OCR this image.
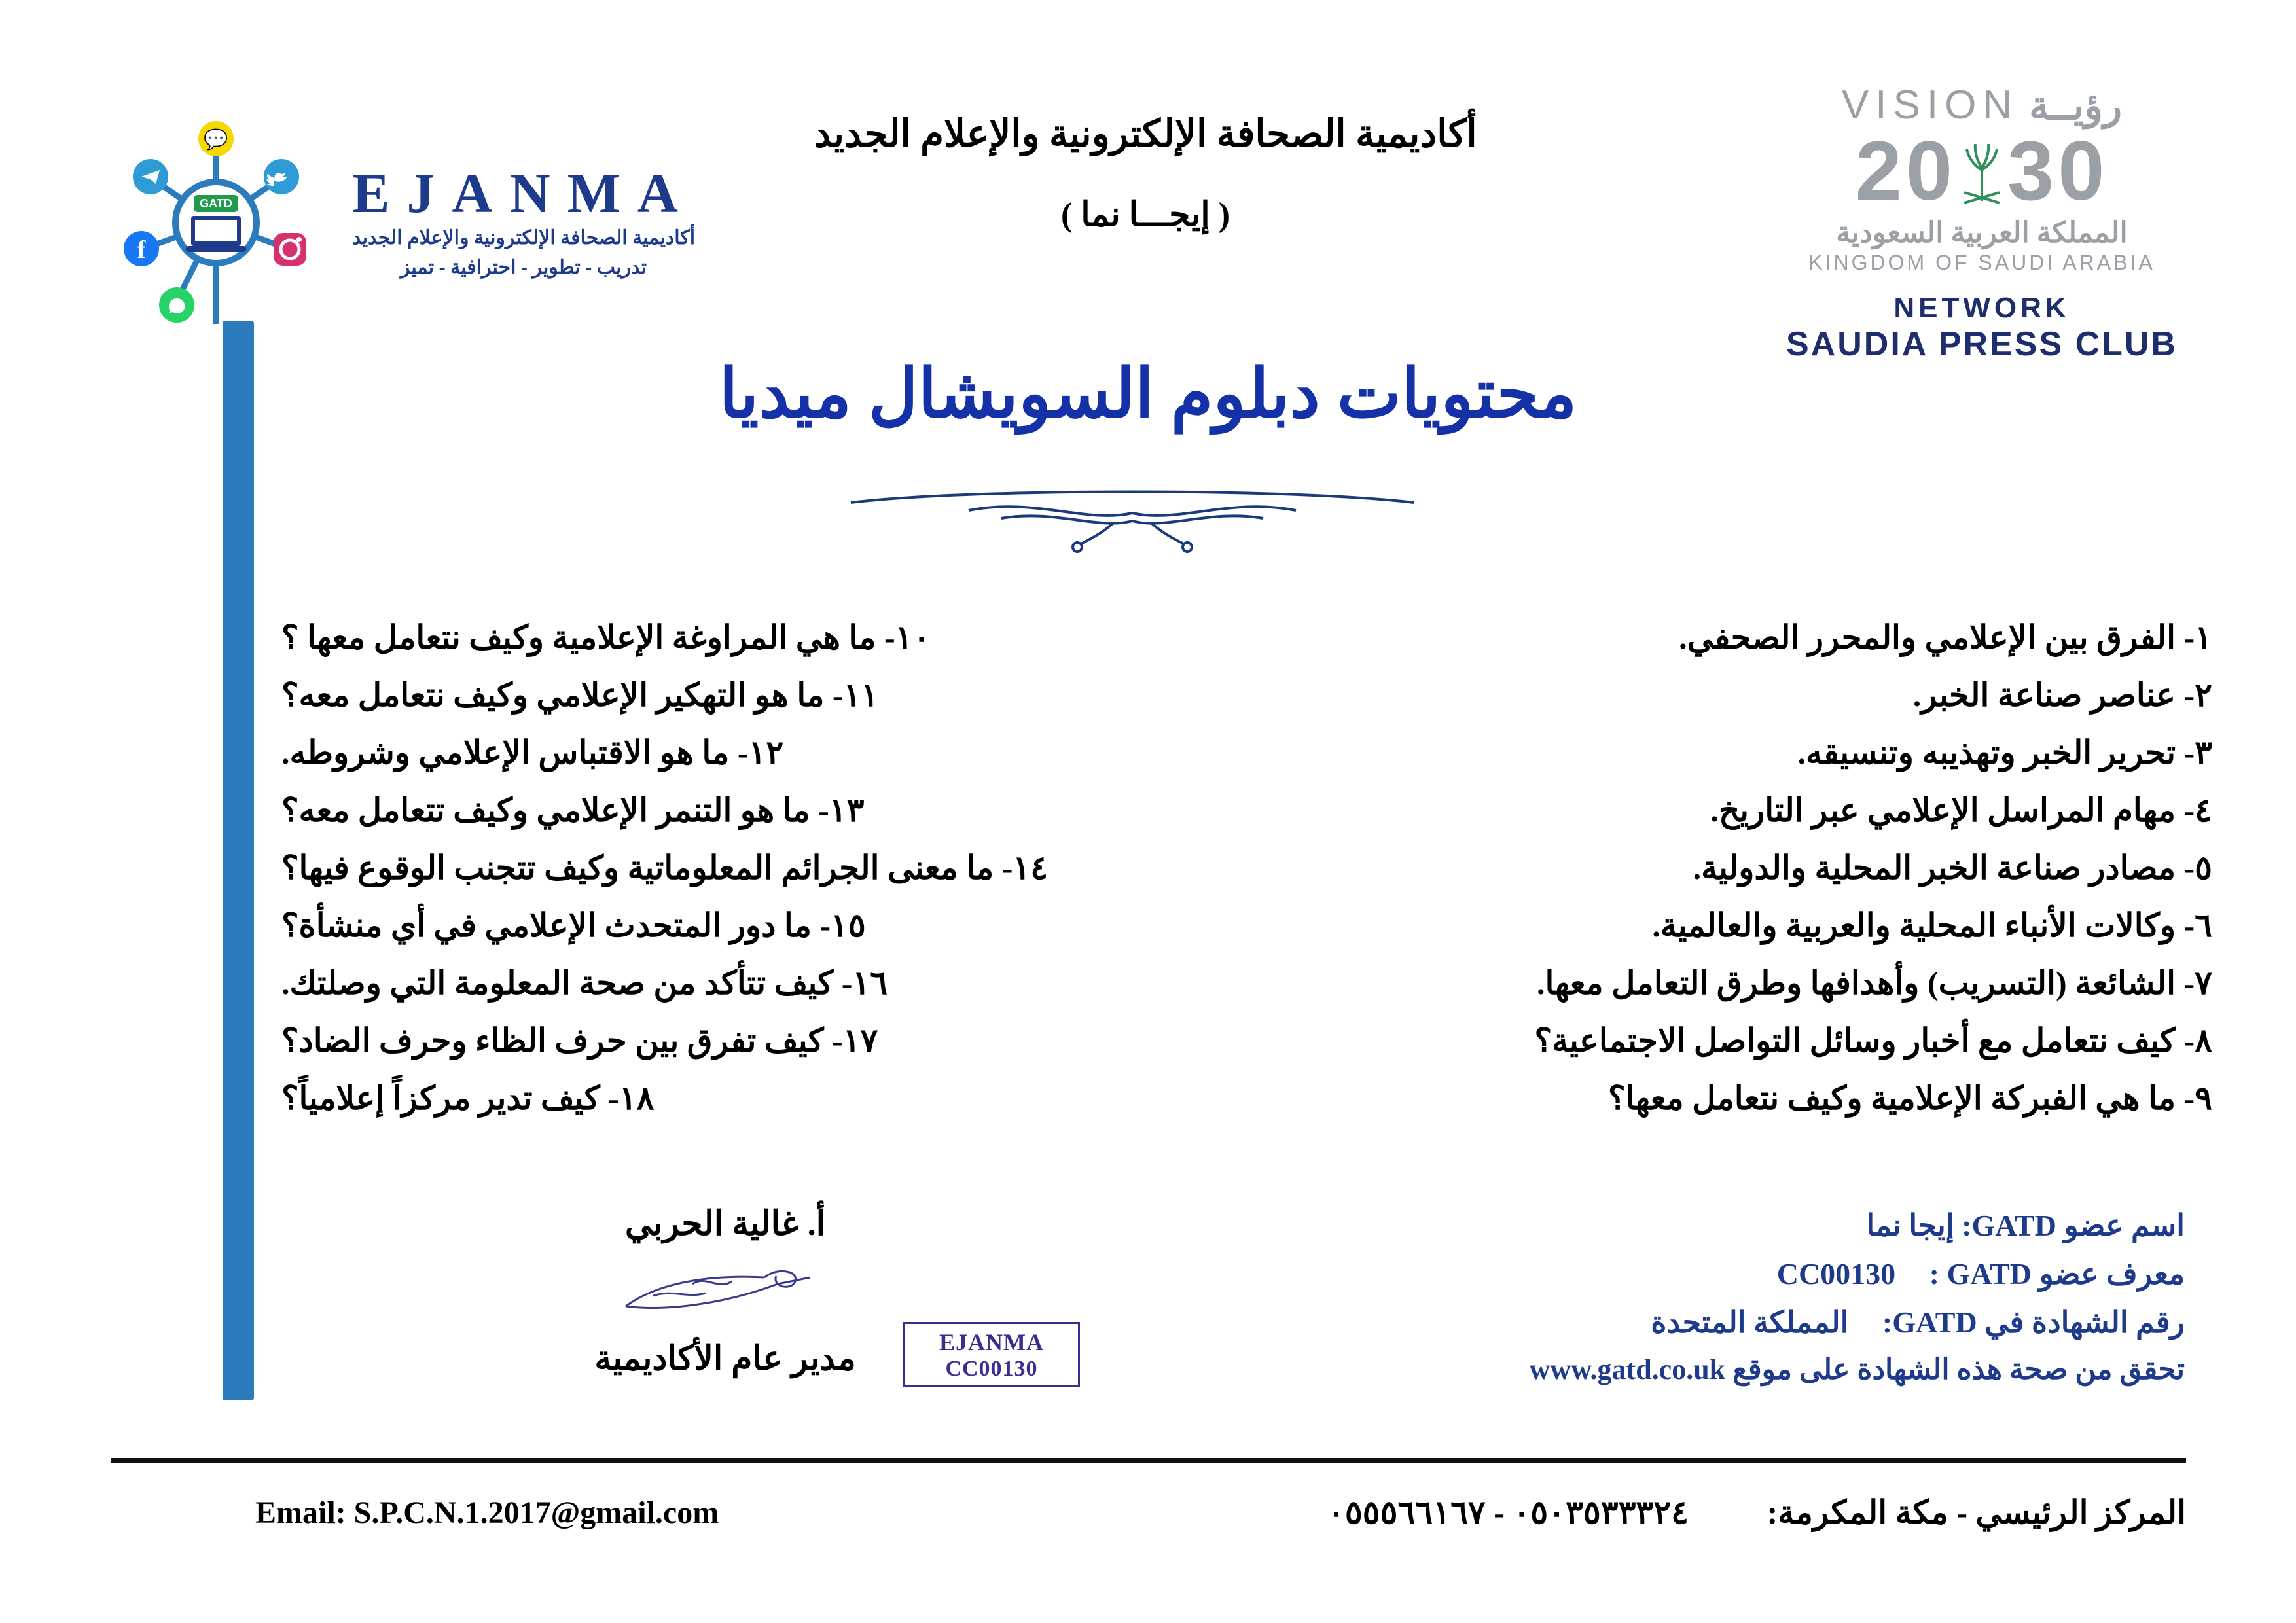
GATD
💬
f
EJANMA
أكاديمية الصحافة الإلكترونية والإعلام الجديد
تدريب - تطوير - احترافية - تميز
أكاديمية الصحافة الإلكترونية والإعلام الجديد
( إيجـــا نما )
VISION رؤيــة
20 30
المملكة العربية السعودية
KINGDOM OF SAUDI ARABIA
NETWORK
SAUDIA PRESS CLUB
محتويات دبلوم السويشال ميديا
١- الفرق بين الإعلامي والمحرر الصحفي.
٢- عناصر صناعة الخبر.
٣- تحرير الخبر وتهذيبه وتنسيقه.
٤- مهام المراسل الإعلامي عبر التاريخ.
٥- مصادر صناعة الخبر المحلية والدولية.
٦- وكالات الأنباء المحلية والعربية والعالمية.
٧- الشائعة (التسريب) وأهدافها وطرق التعامل معها.
٨- كيف نتعامل مع أخبار وسائل التواصل الاجتماعية؟
٩- ما هي الفبركة الإعلامية وكيف نتعامل معها؟
١٠- ما هي المراوغة الإعلامية وكيف نتعامل معها ؟
١١- ما هو التهكير الإعلامي وكيف نتعامل معه؟
١٢- ما هو الاقتباس الإعلامي وشروطه.
١٣- ما هو التنمر الإعلامي وكيف تتعامل معه؟
١٤- ما معنى الجرائم المعلوماتية وكيف تتجنب الوقوع فيها؟
١٥- ما دور المتحدث الإعلامي في أي منشأة؟
١٦- كيف تتأكد من صحة المعلومة التي وصلتك.
١٧- كيف تفرق بين حرف الظاء وحرف الضاد؟
١٨- كيف تدير مركزاً إعلامياً؟
أ. غالية الحربي
مدير عام الأكاديمية	EJANMA
CC00130
اسم عضو GATD: إيجا نما
معرف عضو GATD : CC00130
رقم الشهادة في GATD: المملكة المتحدة
تحقق من صحة هذه الشهادة على موقع www.gatd.co.uk
المركز الرئيسي - مكة المكرمة:
٠٥٠٣٥٣٣٣٢٤ - ٠٥٥٥٦٦١٦٧
Email: S.P.C.N.1.2017@gmail.com
